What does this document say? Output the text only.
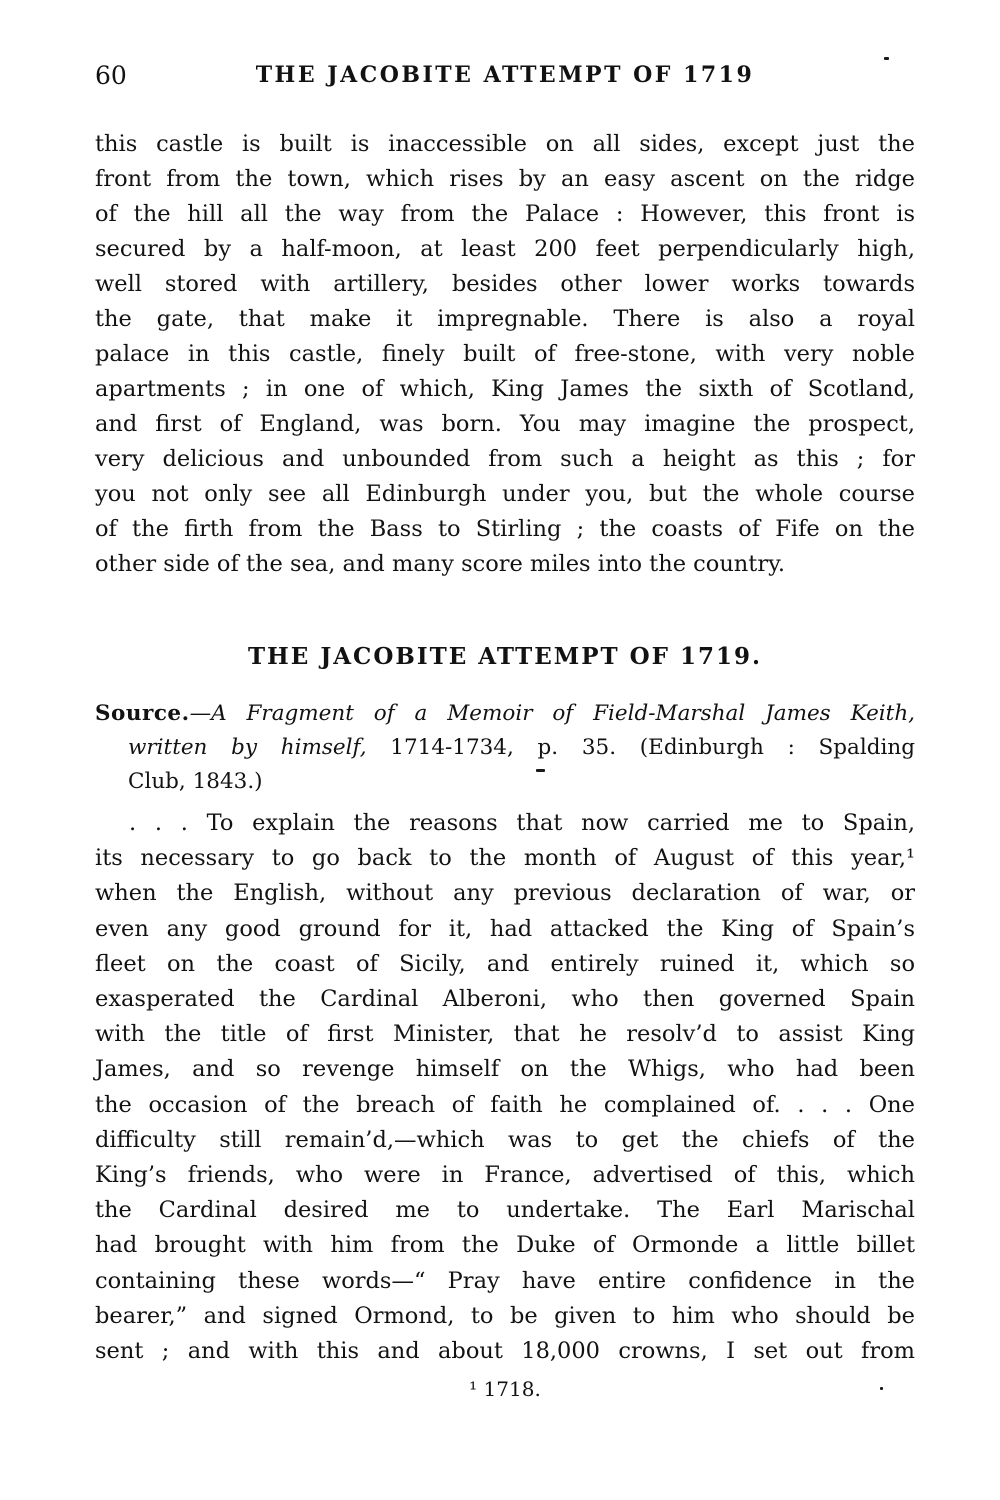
60	THE JACOBITE ATTEMPT OF 1719
this castle is built is inaccessible on all sides, except just the
front from the town, which rises by an easy ascent on the ridge
of the hill all the way from the Palace : However, this front is
secured by a half-moon, at least 200 feet perpendicularly high,
well stored with artillery, besides other lower works towards
the gate, that make it impregnable. There is also a royal
palace in this castle, finely built of free-stone, with very noble
apartments ; in one of which, King James the sixth of Scotland,
and first of England, was born. You may imagine the prospect,
very delicious and unbounded from such a height as this ; for
you not only see all Edinburgh under you, but the whole course
of the firth from the Bass to Stirling ; the coasts of Fife on the
other side of the sea, and many score miles into the country.
THE JACOBITE ATTEMPT OF 1719.
Source.—A Fragment of a Memoir of Field-Marshal James Keith,
written by himself, 1714-1734, p. 35. (Edinburgh : Spalding
Club, 1843.)
. . . To explain the reasons that now carried me to Spain,
its necessary to go back to the month of August of this year,¹
when the English, without any previous declaration of war, or
even any good ground for it, had attacked the King of Spain’s
fleet on the coast of Sicily, and entirely ruined it, which so
exasperated the Cardinal Alberoni, who then governed Spain
with the title of first Minister, that he resolv’d to assist King
James, and so revenge himself on the Whigs, who had been
the occasion of the breach of faith he complained of. . . . One
difficulty still remain’d,—which was to get the chiefs of the
King’s friends, who were in France, advertised of this, which
the Cardinal desired me to undertake. The Earl Marischal
had brought with him from the Duke of Ormonde a little billet
containing these words—“ Pray have entire confidence in the
bearer,” and signed Ormond, to be given to him who should be
sent ; and with this and about 18,000 crowns, I set out from
¹ 1718.
